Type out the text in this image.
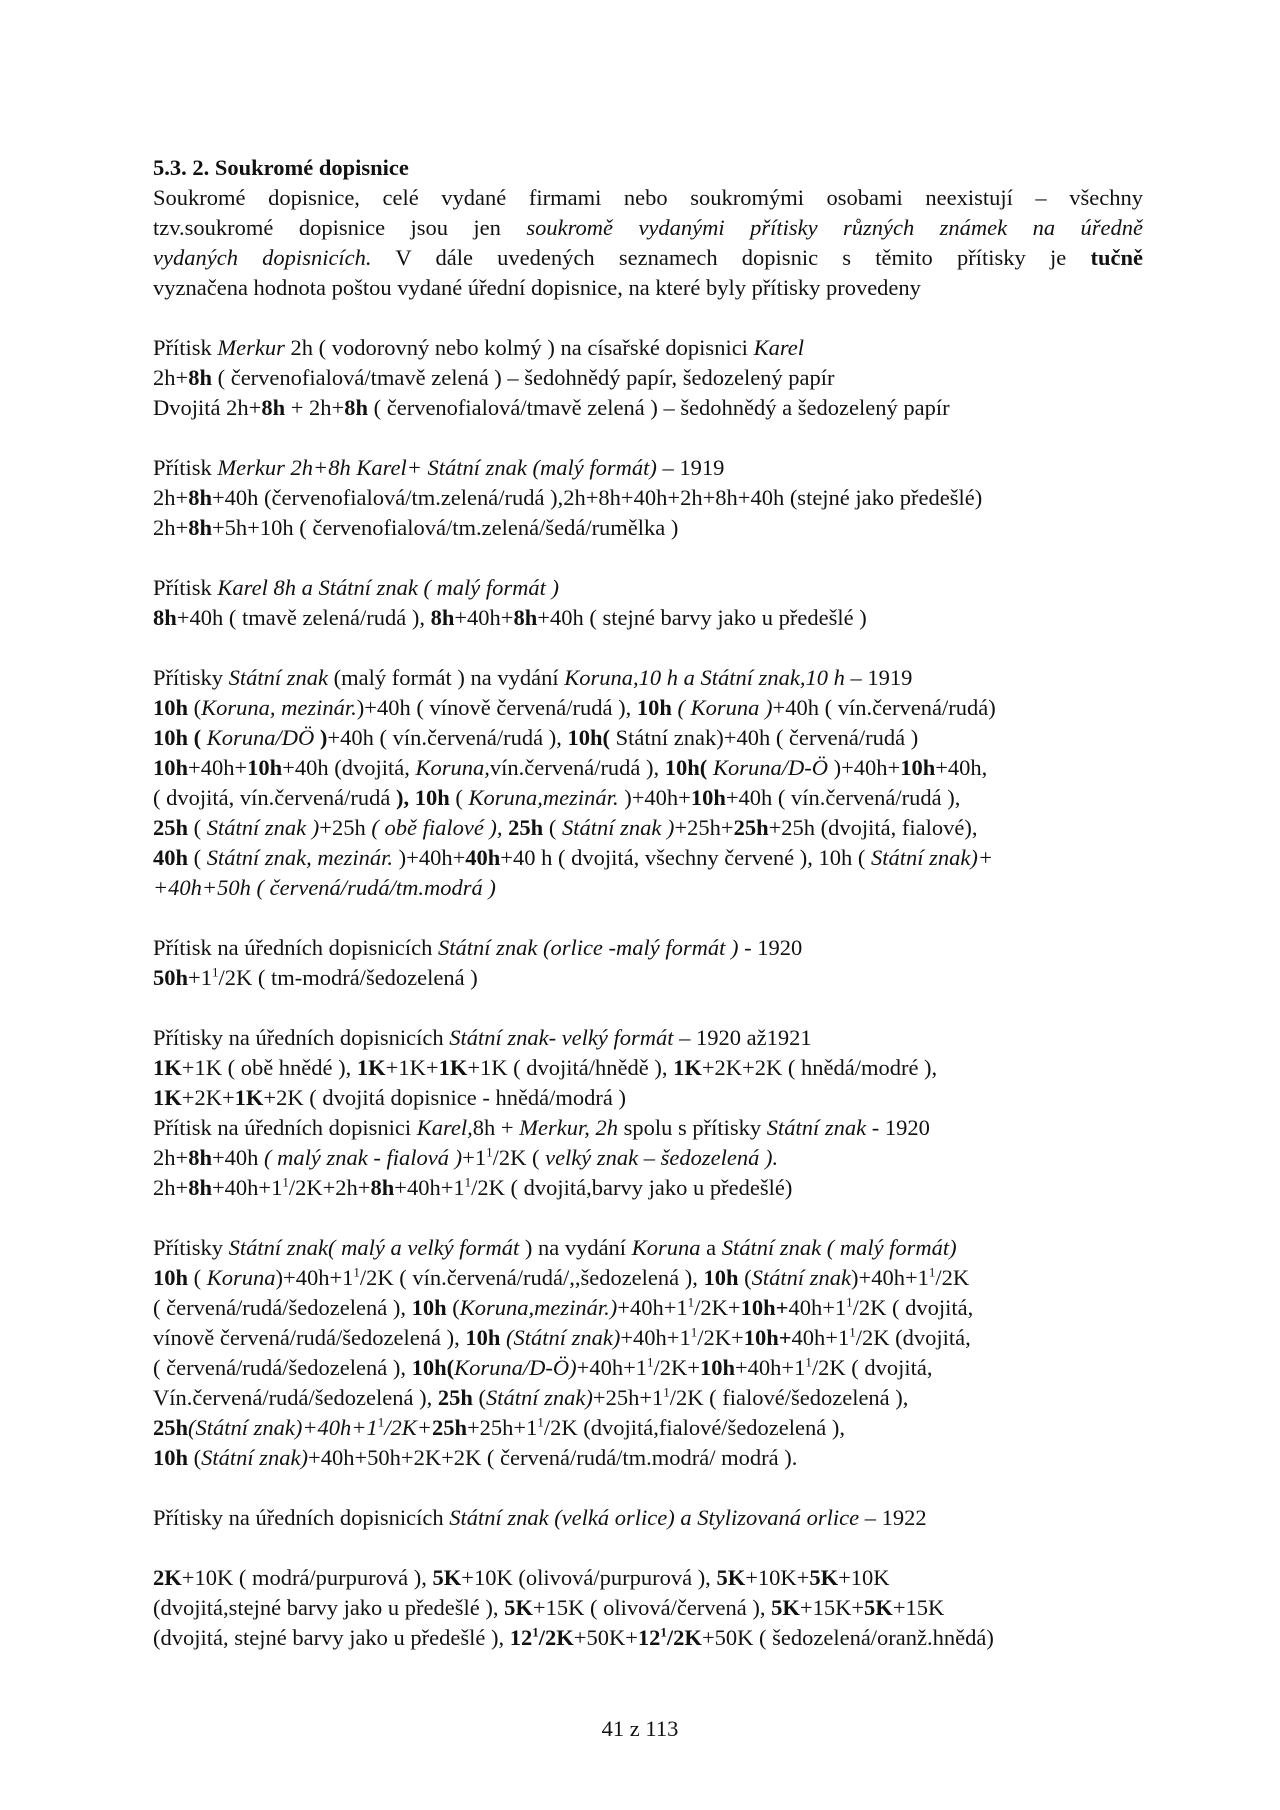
5.3. 2. Soukromé dopisnice
Soukromé dopisnice, celé vydané firmami nebo soukromými osobami neexistují – všechny
tzv.soukromé dopisnice jsou jen soukromě vydanými přítisky různých známek na úředně
vydaných dopisnicích. V dále uvedených seznamech dopisnic s těmito přítisky je tučně
vyznačena hodnota poštou vydané úřední dopisnice, na které byly přítisky provedeny
Přítisk Merkur 2h ( vodorovný nebo kolmý ) na císařské dopisnici Karel
2h+8h ( červenofialová/tmavě zelená ) – šedohnědý papír, šedozelený papír
Dvojitá 2h+8h + 2h+8h ( červenofialová/tmavě zelená ) – šedohnědý a šedozelený papír
Přítisk Merkur 2h+8h Karel+ Státní znak (malý formát) – 1919
2h+8h+40h (červenofialová/tm.zelená/rudá ),2h+8h+40h+2h+8h+40h (stejné jako předešlé)
2h+8h+5h+10h ( červenofialová/tm.zelená/šedá/rumělka )
Přítisk Karel 8h a Státní znak ( malý formát )
8h+40h ( tmavě zelená/rudá ), 8h+40h+8h+40h ( stejné barvy jako u předešlé )
Přítisky Státní znak (malý formát ) na vydání Koruna,10 h a Státní znak,10 h – 1919
10h (Koruna, mezinár.)+40h ( vínově červená/rudá ), 10h ( Koruna )+40h ( vín.červená/rudá)
10h ( Koruna/DÖ )+40h ( vín.červená/rudá ), 10h( Státní znak)+40h ( červená/rudá )
10h+40h+10h+40h (dvojitá, Koruna,vín.červená/rudá ), 10h( Koruna/D-Ö )+40h+10h+40h,
( dvojitá, vín.červená/rudá ), 10h ( Koruna,mezinár. )+40h+10h+40h ( vín.červená/rudá ),
25h ( Státní znak )+25h ( obě fialové ), 25h ( Státní znak )+25h+25h+25h (dvojitá, fialové),
40h ( Státní znak, mezinár. )+40h+40h+40 h ( dvojitá, všechny červené ), 10h ( Státní znak)+
+40h+50h ( červená/rudá/tm.modrá )
Přítisk na úředních dopisnicích Státní znak (orlice -malý formát ) - 1920
$50h+1^1/2K$ ( tm-modrá/šedozelená )
Přítisky na úředních dopisnicích Státní znak- velký formát – 1920 až1921
1K+1K ( obě hnědé ), 1K+1K+1K+1K ( dvojitá/hnědě ), 1K+2K+2K ( hnědá/modré ),
1K+2K+1K+2K ( dvojitá dopisnice - hnědá/modrá )
Přítisk na úředních dopisnici Karel,8h + Merkur, 2h spolu s přítisky Státní znak - 1920
2h+8h+40h ( malý znak - fialová )$+1^1/2K$ ( velký znak – šedozelená ).
$2h+8h+40h+1^1/2K+2h+8h+40h+1^1/2K$ ( dvojitá,barvy jako u předešlé)
Přítisky Státní znak( malý a velký formát ) na vydání Koruna a Státní znak ( malý formát)
10h ( $Koruna)+40h+1^1/2K$ ( vín.červená/rudá/,,šedozelená ), 10h (Státní $znak)+40h+1^1/2K$
( červená/rudá/šedozelená ), 10h $(Koruna,mezinár.)+40h+1^1/2K+10h+40h+1^1/2K$ ( dvojitá,
vínově červená/rudá/šedozelená ), 10h (Státní $znak)+40h+1^1/2K+10h+40h+1^1/2K$ (dvojitá,
( červená/rudá/šedozelená ), $10h(Koruna/D-Ö)+40h+1^1/2K+10h+40h+1^1/2K$ ( dvojitá,
Vín.červená/rudá/šedozelená ), 25h (Státní $znak)+25h+1^1/2K$ ( fialové/šedozelená ),
25h(Státní $znak)+40h+1^1/2K+25h+25h+1^1/2K$ (dvojitá,fialové/šedozelená ),
10h (Státní znak)+40h+50h+2K+2K ( červená/rudá/tm.modrá/ modrá ).
Přítisky na úředních dopisnicích Státní znak (velká orlice) a Stylizovaná orlice – 1922
2K+10K ( modrá/purpurová ), 5K+10K (olivová/purpurová ), 5K+10K+5K+10K
(dvojitá,stejné barvy jako u předešlé ), 5K+15K ( olivová/červená ), 5K+15K+5K+15K
(dvojitá, stejné barvy jako u předešlé ), $12^1/2K+50K+12^1/2K+50K$ ( šedozelená/oranž.hnědá)
41 z 113
